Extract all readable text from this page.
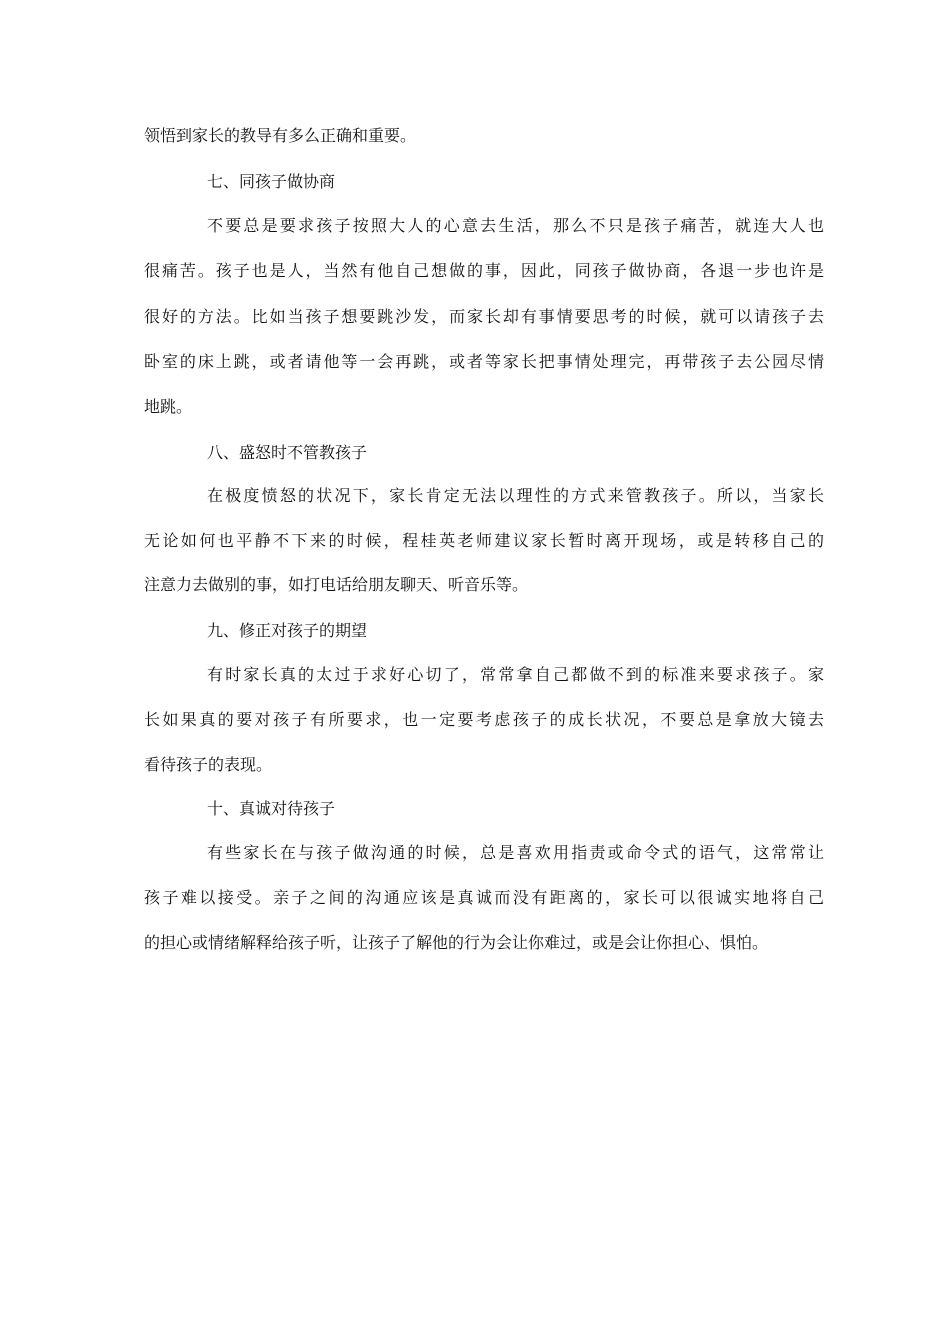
领悟到家长的教导有多么正确和重要。
七、同孩子做协商
不要总是要求孩子按照大人的心意去生活，那么不只是孩子痛苦，就连大人也
很痛苦。孩子也是人，当然有他自己想做的事，因此，同孩子做协商，各退一步也许是
很好的方法。比如当孩子想要跳沙发，而家长却有事情要思考的时候，就可以请孩子去
卧室的床上跳，或者请他等一会再跳，或者等家长把事情处理完，再带孩子去公园尽情
地跳。
八、盛怒时不管教孩子
在极度愤怒的状况下，家长肯定无法以理性的方式来管教孩子。所以，当家长
无论如何也平静不下来的时候，程桂英老师建议家长暂时离开现场，或是转移自己的
注意力去做别的事，如打电话给朋友聊天、听音乐等。
九、修正对孩子的期望
有时家长真的太过于求好心切了，常常拿自己都做不到的标准来要求孩子。家
长如果真的要对孩子有所要求，也一定要考虑孩子的成长状况，不要总是拿放大镜去
看待孩子的表现。
十、真诚对待孩子
有些家长在与孩子做沟通的时候，总是喜欢用指责或命令式的语气，这常常让
孩子难以接受。亲子之间的沟通应该是真诚而没有距离的，家长可以很诚实地将自己
的担心或情绪解释给孩子听，让孩子了解他的行为会让你难过，或是会让你担心、惧怕。
